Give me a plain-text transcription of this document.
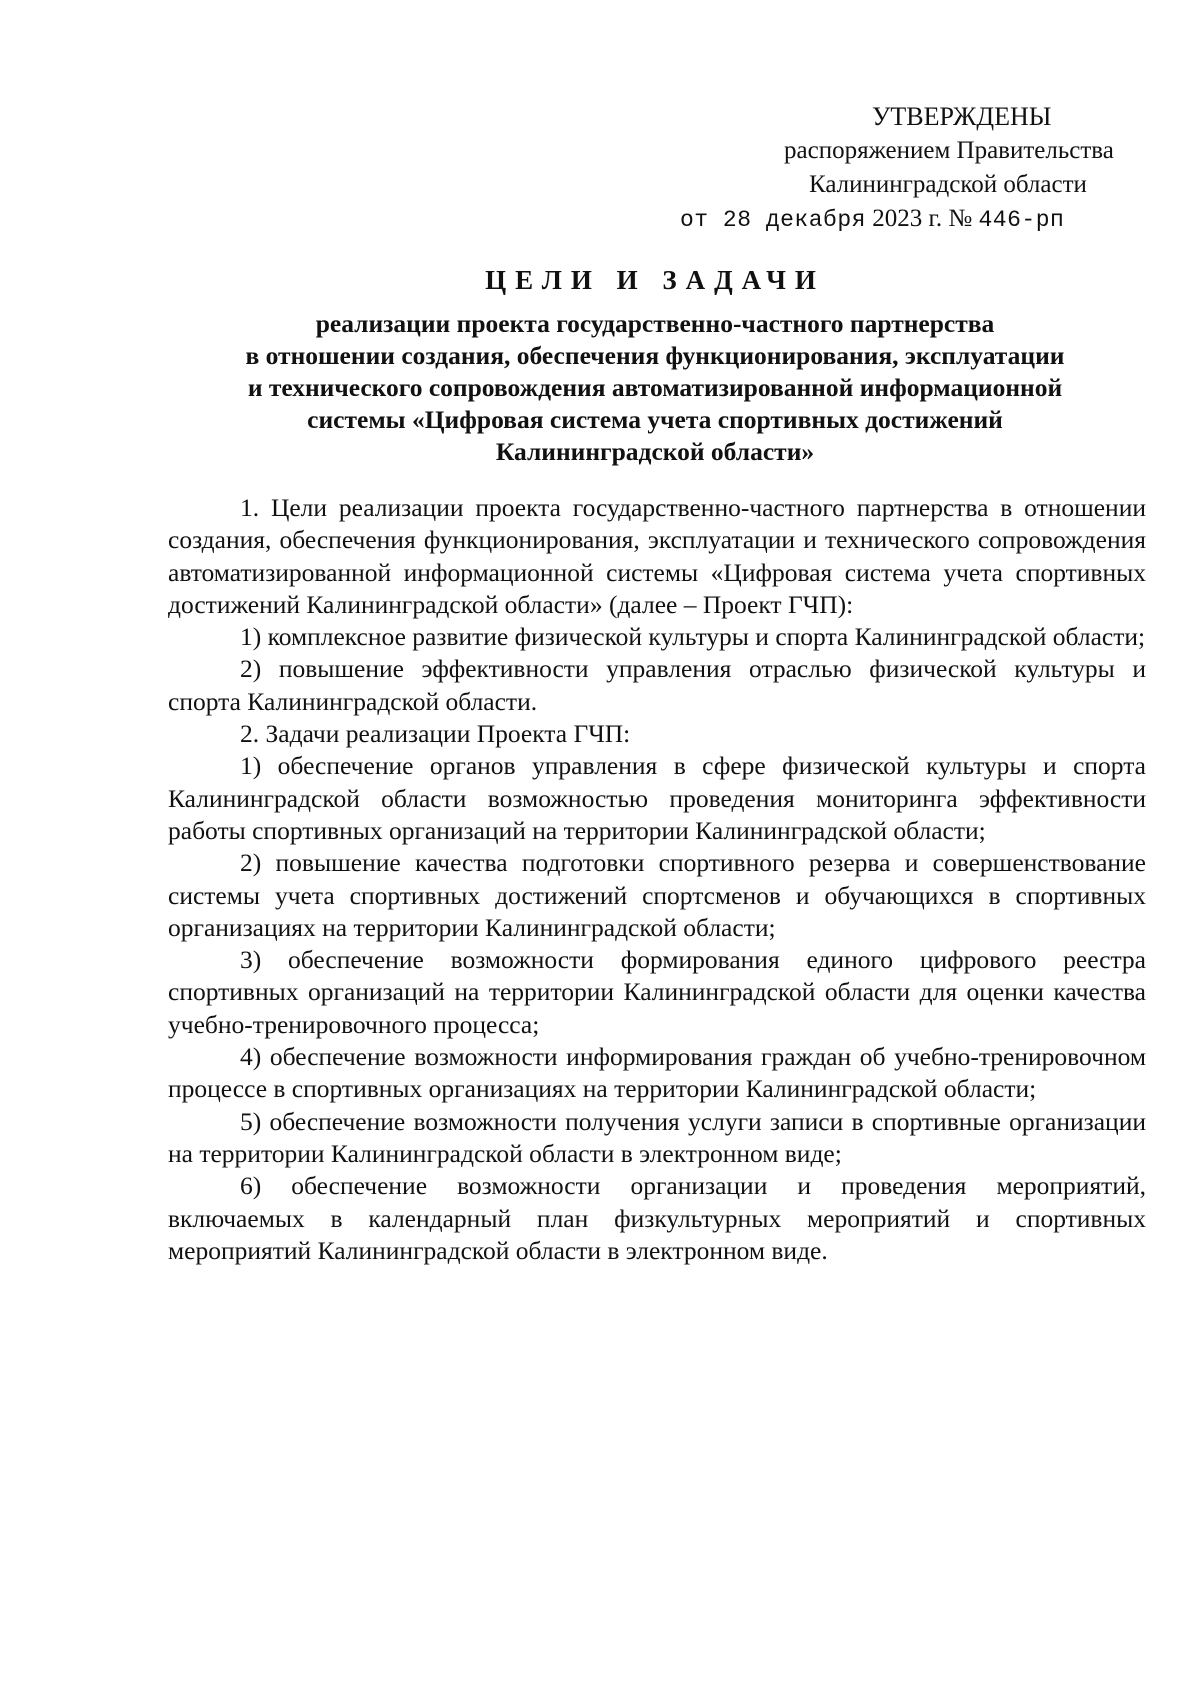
УТВЕРЖДЕНЫ
распоряжением Правительства
Калининградской области
от 28 декабря 2023 г. № 446-рп
ЦЕЛИ И ЗАДАЧИ
реализации проекта государственно-частного партнерства
в отношении создания, обеспечения функционирования, эксплуатации
и технического сопровождения автоматизированной информационной
системы «Цифровая система учета спортивных достижений
Калининградской области»

1. Цели реализации проекта государственно-частного партнерства в отношении создания, обеспечения функционирования, эксплуатации и технического сопровождения автоматизированной информационной системы «Цифровая система учета спортивных достижений Калининградской области» (далее – Проект ГЧП):

1) комплексное развитие физической культуры и спорта Калининградской области;

2) повышение эффективности управления отраслью физической культуры и спорта Калининградской области.

2. Задачи реализации Проекта ГЧП:

1) обеспечение органов управления в сфере физической культуры и спорта Калининградской области возможностью проведения мониторинга эффективности работы спортивных организаций на территории Калининградской области;

2) повышение качества подготовки спортивного резерва и совершенствование системы учета спортивных достижений спортсменов и обучающихся в спортивных организациях на территории Калининградской области;

3) обеспечение возможности формирования единого цифрового реестра спортивных организаций на территории Калининградской области для оценки качества учебно-тренировочного процесса;

4) обеспечение возможности информирования граждан об учебно-тренировочном процессе в спортивных организациях на территории Калининградской области;

5) обеспечение возможности получения услуги записи в спортивные организации на территории Калининградской области в электронном виде;

6) обеспечение возможности организации и проведения мероприятий, включаемых в календарный план физкультурных мероприятий и спортивных мероприятий Калининградской области в электронном виде.
